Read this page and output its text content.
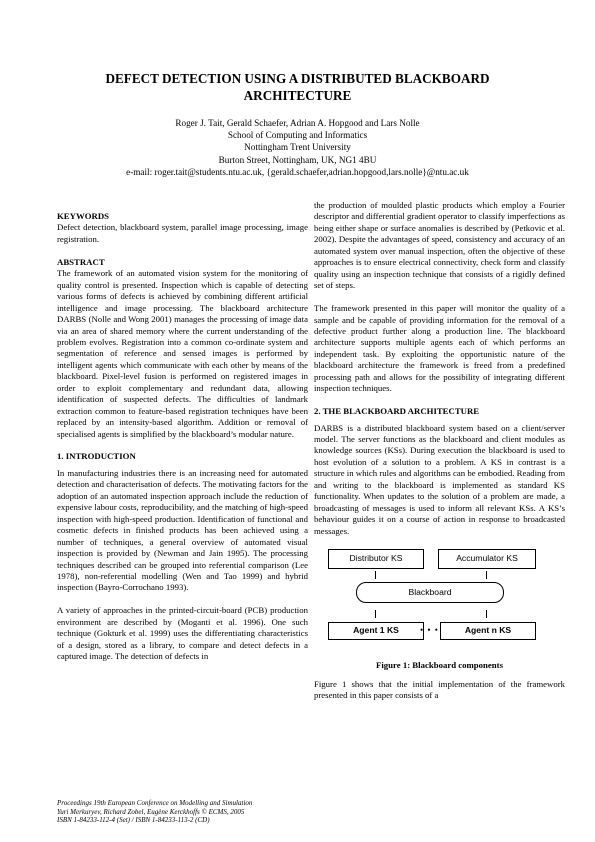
DEFECT DETECTION USING A DISTRIBUTED BLACKBOARD
ARCHITECTURE
Roger J. Tait, Gerald Schaefer, Adrian A. Hopgood and Lars Nolle
School of Computing and Informatics
Nottingham Trent University
Burton Street, Nottingham, UK, NG1 4BU
e-mail: roger.tait@students.ntu.ac.uk, {gerald.schaefer,adrian.hopgood,lars.nolle}@ntu.ac.uk
KEYWORDS

Defect detection, blackboard system, parallel image processing, image registration.

ABSTRACT

The framework of an automated vision system for the monitoring of quality control is presented. Inspection which is capable of detecting various forms of defects is achieved by combining different artificial intelligence and image processing. The blackboard architecture DARBS (Nolle and Wong 2001) manages the processing of image data via an area of shared memory where the current understanding of the problem evolves. Registration into a common co-ordinate system and segmentation of reference and sensed images is performed by intelligent agents which communicate with each other by means of the blackboard. Pixel-level fusion is performed on registered images in order to exploit complementary and redundant data, allowing identification of suspected defects. The difficulties of landmark extraction common to feature-based registration techniques have been replaced by an intensity-based algorithm. Addition or removal of specialised agents is simplified by the blackboard’s modular nature.

1. INTRODUCTION

In manufacturing industries there is an increasing need for automated detection and characterisation of defects. The motivating factors for the adoption of an automated inspection approach include the reduction of expensive labour costs, reproducibility, and the matching of high-speed inspection with high-speed production. Identification of functional and cosmetic defects in finished products has been achieved using a number of techniques, a general overview of automated visual inspection is provided by (Newman and Jain 1995). The processing techniques described can be grouped into referential comparison (Lee 1978), non-referential modelling (Wen and Tao 1999) and hybrid inspection (Bayro-Corrochano 1993).

A variety of approaches in the printed-circuit-board (PCB) production environment are described by (Moganti et al. 1996). One such technique (Gokturk et al. 1999) uses the differentiating characteristics of a design, stored as a library, to compare and detect defects in a captured image. The detection of defects in

the production of moulded plastic products which employ a Fourier descriptor and differential gradient operator to classify imperfections as being either shape or surface anomalies is described by (Petkovic et al. 2002). Despite the advantages of speed, consistency and accuracy of an automated system over manual inspection, often the objective of these approaches is to ensure electrical connectivity, check form and classify quality using an inspection technique that consists of a rigidly defined set of steps.

The framework presented in this paper will monitor the quality of a sample and be capable of providing information for the removal of a defective product further along a production line. The blackboard architecture supports multiple agents each of which performs an independent task. By exploiting the opportunistic nature of the blackboard architecture the framework is freed from a predefined processing path and allows for the possibility of integrating different inspection techniques.

2. THE BLACKBOARD ARCHITECTURE

DARBS is a distributed blackboard system based on a client/server model. The server functions as the blackboard and client modules as knowledge sources (KSs). During execution the blackboard is used to host evolution of a solution to a problem. A KS in contrast is a structure in which rules and algorithms can be embodied. Reading from and writing to the blackboard is implemented as standard KS functionality. When updates to the solution of a problem are made, a broadcasting of messages is used to inform all relevant KSs. A KS’s behaviour guides it on a course of action in response to broadcasted messages.

Distributor KS	Accumulator KS
Blackboard
Agent 1 KS • • •	Agent n KS
Figure 1: Blackboard components

Figure 1 shows that the initial implementation of the framework presented in this paper consists of a

Proceedings 19th European Conference on Modelling and Simulation
Yuri Merkuryev, Richard Zobel, Eugène Kerckhoffs © ECMS, 2005
ISBN 1-84233-112-4 (Set) / ISBN 1-84233-113-2 (CD)
